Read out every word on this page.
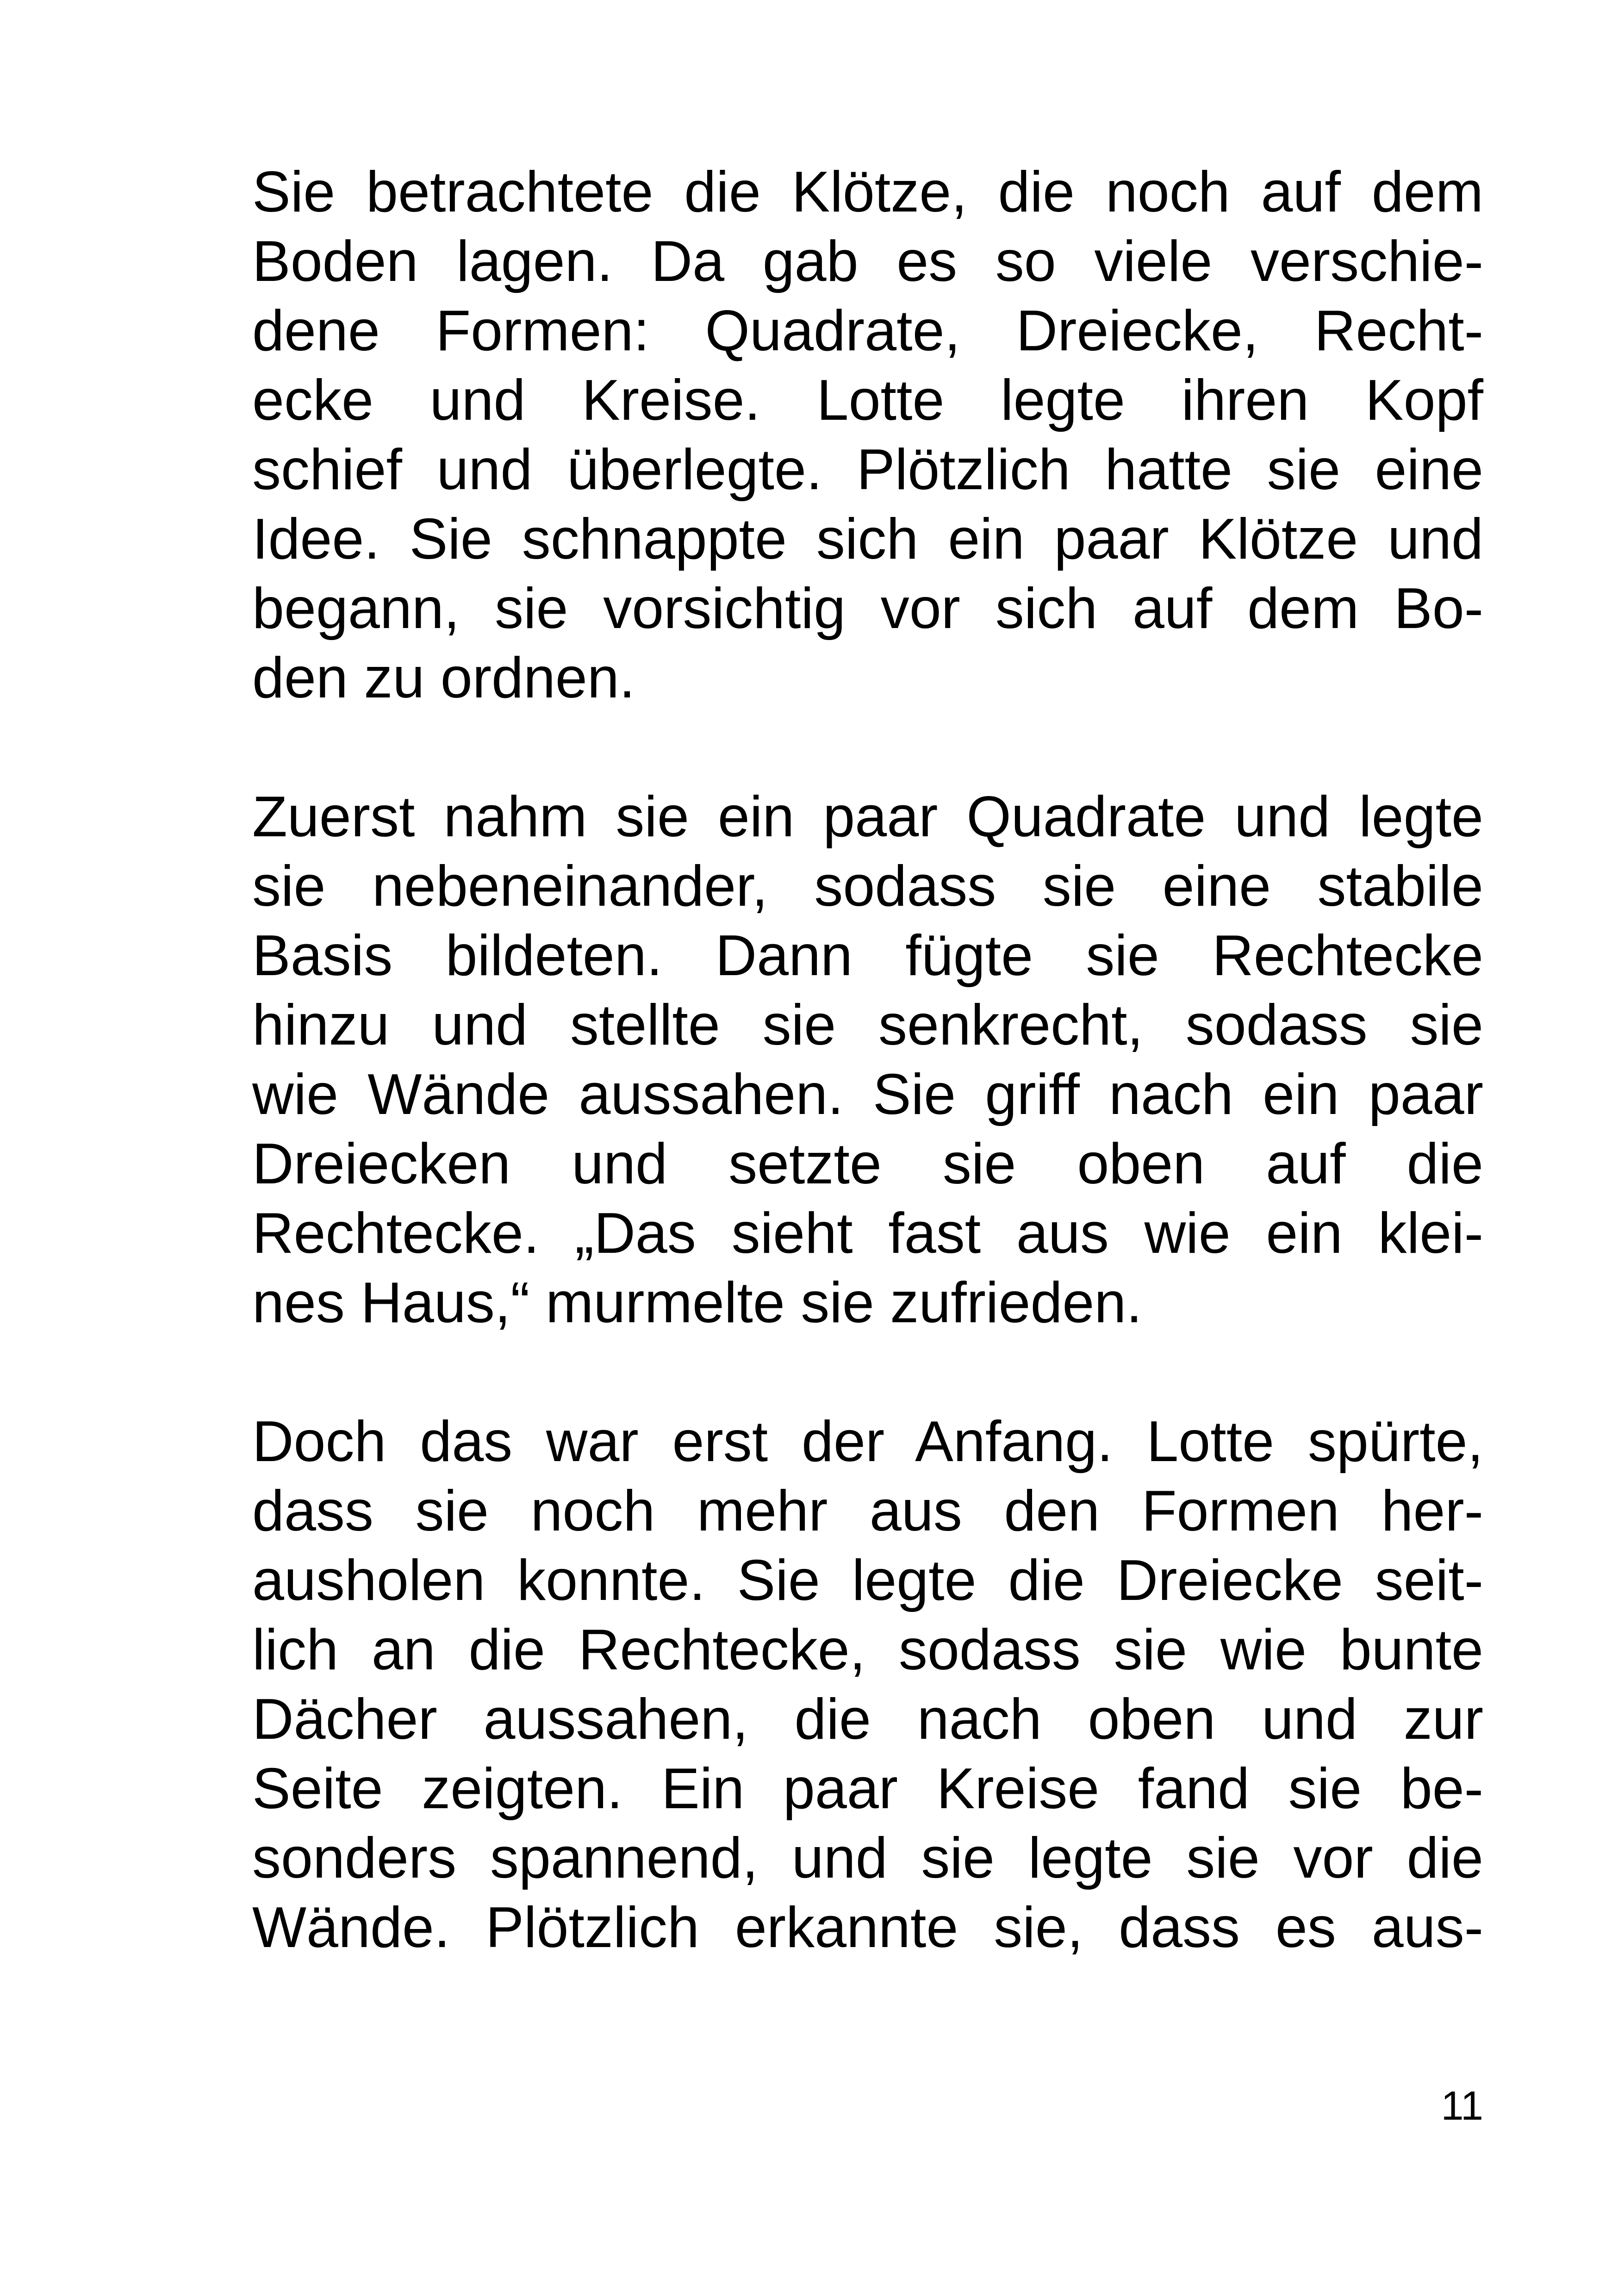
Sie betrachtete die Klötze, die noch auf dem
Boden lagen. Da gab es so viele verschie-
dene Formen: Quadrate, Dreiecke, Recht-
ecke und Kreise. Lotte legte ihren Kopf
schief und überlegte. Plötzlich hatte sie eine
Idee. Sie schnappte sich ein paar Klötze und
begann, sie vorsichtig vor sich auf dem Bo-
den zu ordnen.
Zuerst nahm sie ein paar Quadrate und legte
sie nebeneinander, sodass sie eine stabile
Basis bildeten. Dann fügte sie Rechtecke
hinzu und stellte sie senkrecht, sodass sie
wie Wände aussahen. Sie griff nach ein paar
Dreiecken und setzte sie oben auf die
Rechtecke. „Das sieht fast aus wie ein klei-
nes Haus,“ murmelte sie zufrieden.
Doch das war erst der Anfang. Lotte spürte,
dass sie noch mehr aus den Formen her-
ausholen konnte. Sie legte die Dreiecke seit-
lich an die Rechtecke, sodass sie wie bunte
Dächer aussahen, die nach oben und zur
Seite zeigten. Ein paar Kreise fand sie be-
sonders spannend, und sie legte sie vor die
Wände. Plötzlich erkannte sie, dass es aus-
11
